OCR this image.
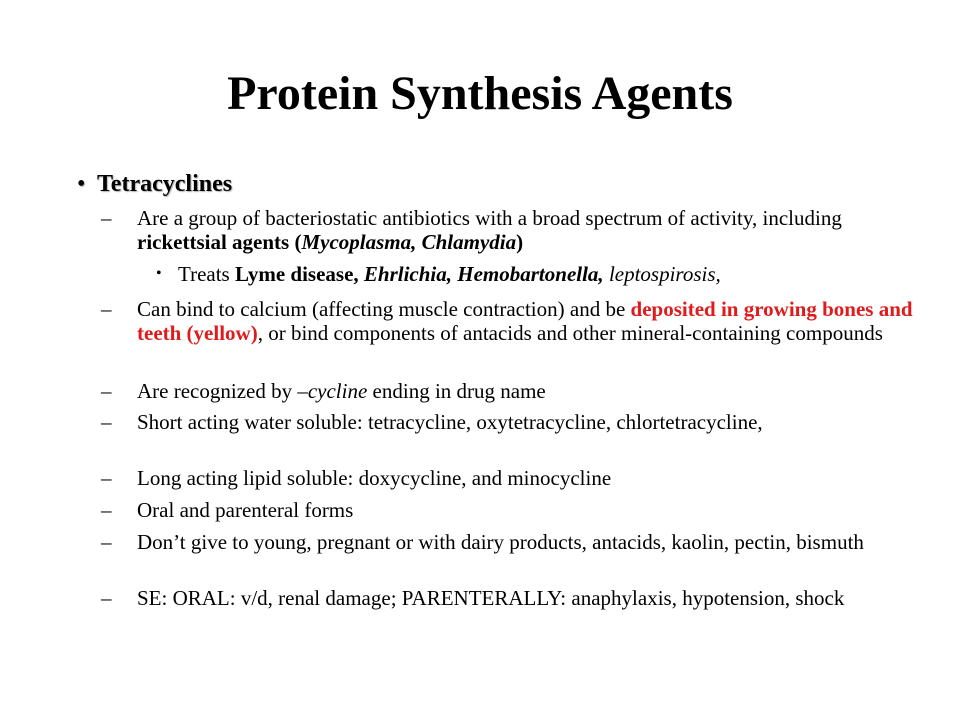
Protein Synthesis Agents
• Tetracyclines
–	Are a group of bacteriostatic antibiotics with a broad spectrum of activity, including rickettsial agents (Mycoplasma, Chlamydia)
• Treats Lyme disease, Ehrlichia, Hemobartonella, leptospirosis,
–	Can bind to calcium (affecting muscle contraction) and be deposited in growing bones and teeth (yellow), or bind components of antacids and other mineral-containing compounds
–	Are recognized by –cycline ending in drug name
–	Short acting water soluble: tetracycline, oxytetracycline, chlortetracycline,
–	Long acting lipid soluble: doxycycline, and minocycline
–	Oral and parenteral forms
–	Don’t give to young, pregnant or with dairy products, antacids, kaolin, pectin, bismuth
–	SE: ORAL: v/d, renal damage; PARENTERALLY: anaphylaxis, hypotension, shock
